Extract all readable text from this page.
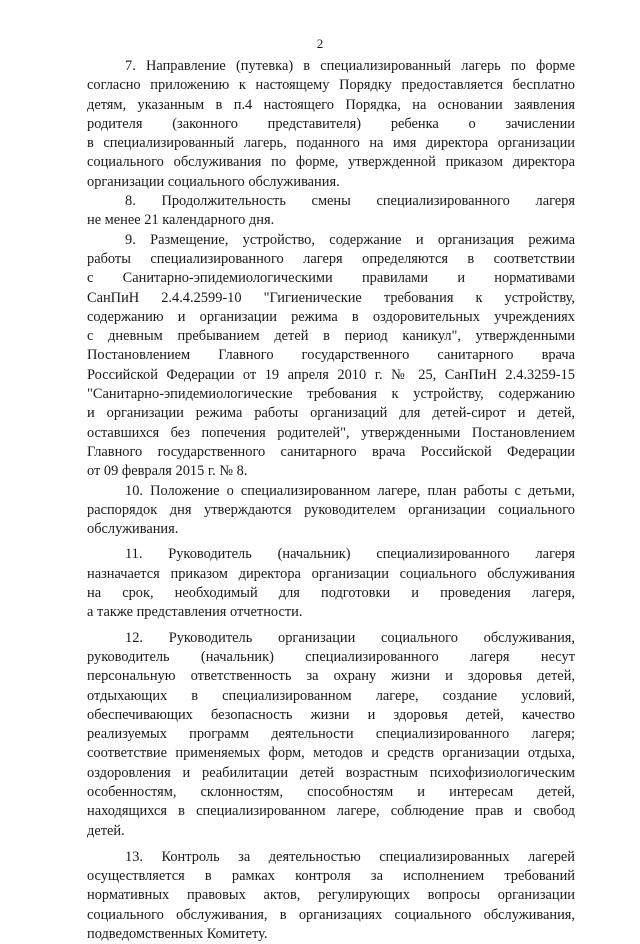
2
7. Направление (путевка) в специализированный лагерь по форме
согласно приложению к настоящему Порядку предоставляется бесплатно
детям, указанным в п.4 настоящего Порядка, на основании заявления
родителя (законного представителя) ребенка о зачислении
в специализированный лагерь, поданного на имя директора организации
социального обслуживания по форме, утвержденной приказом директора
организации социального обслуживания.
8. Продолжительность смены специализированного лагеря
не менее 21 календарного дня.
9. Размещение, устройство, содержание и организация режима
работы специализированного лагеря определяются в соответствии
с Санитарно-эпидемиологическими правилами и нормативами
СанПиН 2.4.4.2599-10 "Гигиенические требования к устройству,
содержанию и организации режима в оздоровительных учреждениях
с дневным пребыванием детей в период каникул", утвержденными
Постановлением Главного государственного санитарного врача
Российской Федерации от 19 апреля 2010 г. № 25, СанПиН 2.4.3259-15
"Санитарно-эпидемиологические требования к устройству, содержанию
и организации режима работы организаций для детей-сирот и детей,
оставшихся без попечения родителей", утвержденными Постановлением
Главного государственного санитарного врача Российской Федерации
от 09 февраля 2015 г. № 8.
10. Положение о специализированном лагере, план работы с детьми,
распорядок дня утверждаются руководителем организации социального
обслуживания.
11. Руководитель (начальник) специализированного лагеря
назначается приказом директора организации социального обслуживания
на срок, необходимый для подготовки и проведения лагеря,
а также представления отчетности.
12. Руководитель организации социального обслуживания,
руководитель (начальник) специализированного лагеря несут
персональную ответственность за охрану жизни и здоровья детей,
отдыхающих в специализированном лагере, создание условий,
обеспечивающих безопасность жизни и здоровья детей, качество
реализуемых программ деятельности специализированного лагеря;
соответствие применяемых форм, методов и средств организации отдыха,
оздоровления и реабилитации детей возрастным психофизиологическим
особенностям, склонностям, способностям и интересам детей,
находящихся в специализированном лагере, соблюдение прав и свобод
детей.
13. Контроль за деятельностью специализированных лагерей
осуществляется в рамках контроля за исполнением требований
нормативных правовых актов, регулирующих вопросы организации
социального обслуживания, в организациях социального обслуживания,
подведомственных Комитету.
